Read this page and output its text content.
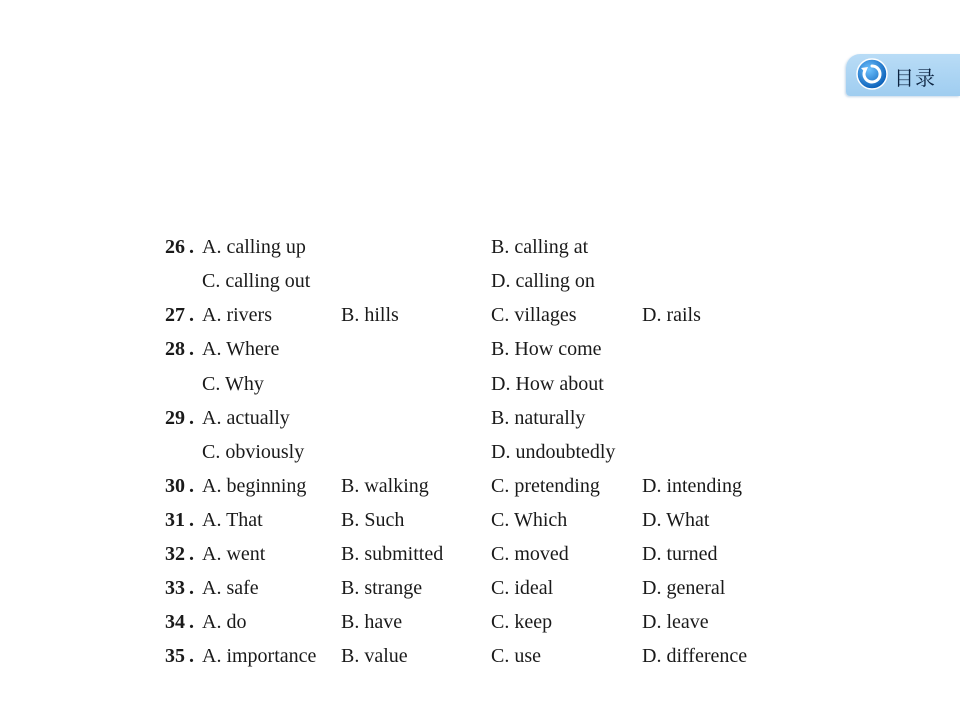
目录
26 . A. calling up	B. calling at
C. calling out	D. calling on
27 . A. rivers	B. hills	C. villages	D. rails
28 . A. Where	B. How come
C. Why	D. How about
29 . A. actually	B. naturally
C. obviously	D. undoubtedly
30 . A. beginning B. walking	C. pretending D. intending
31 . A. That	B. Such	C. Which	D. What
32 . A. went	B. submitted C. moved	D. turned
33 . A. safe	B. strange	C. ideal	D. general
34 . A. do	B. have	C. keep	D. leave
35 . A. importance B. value	C. use	D. difference
